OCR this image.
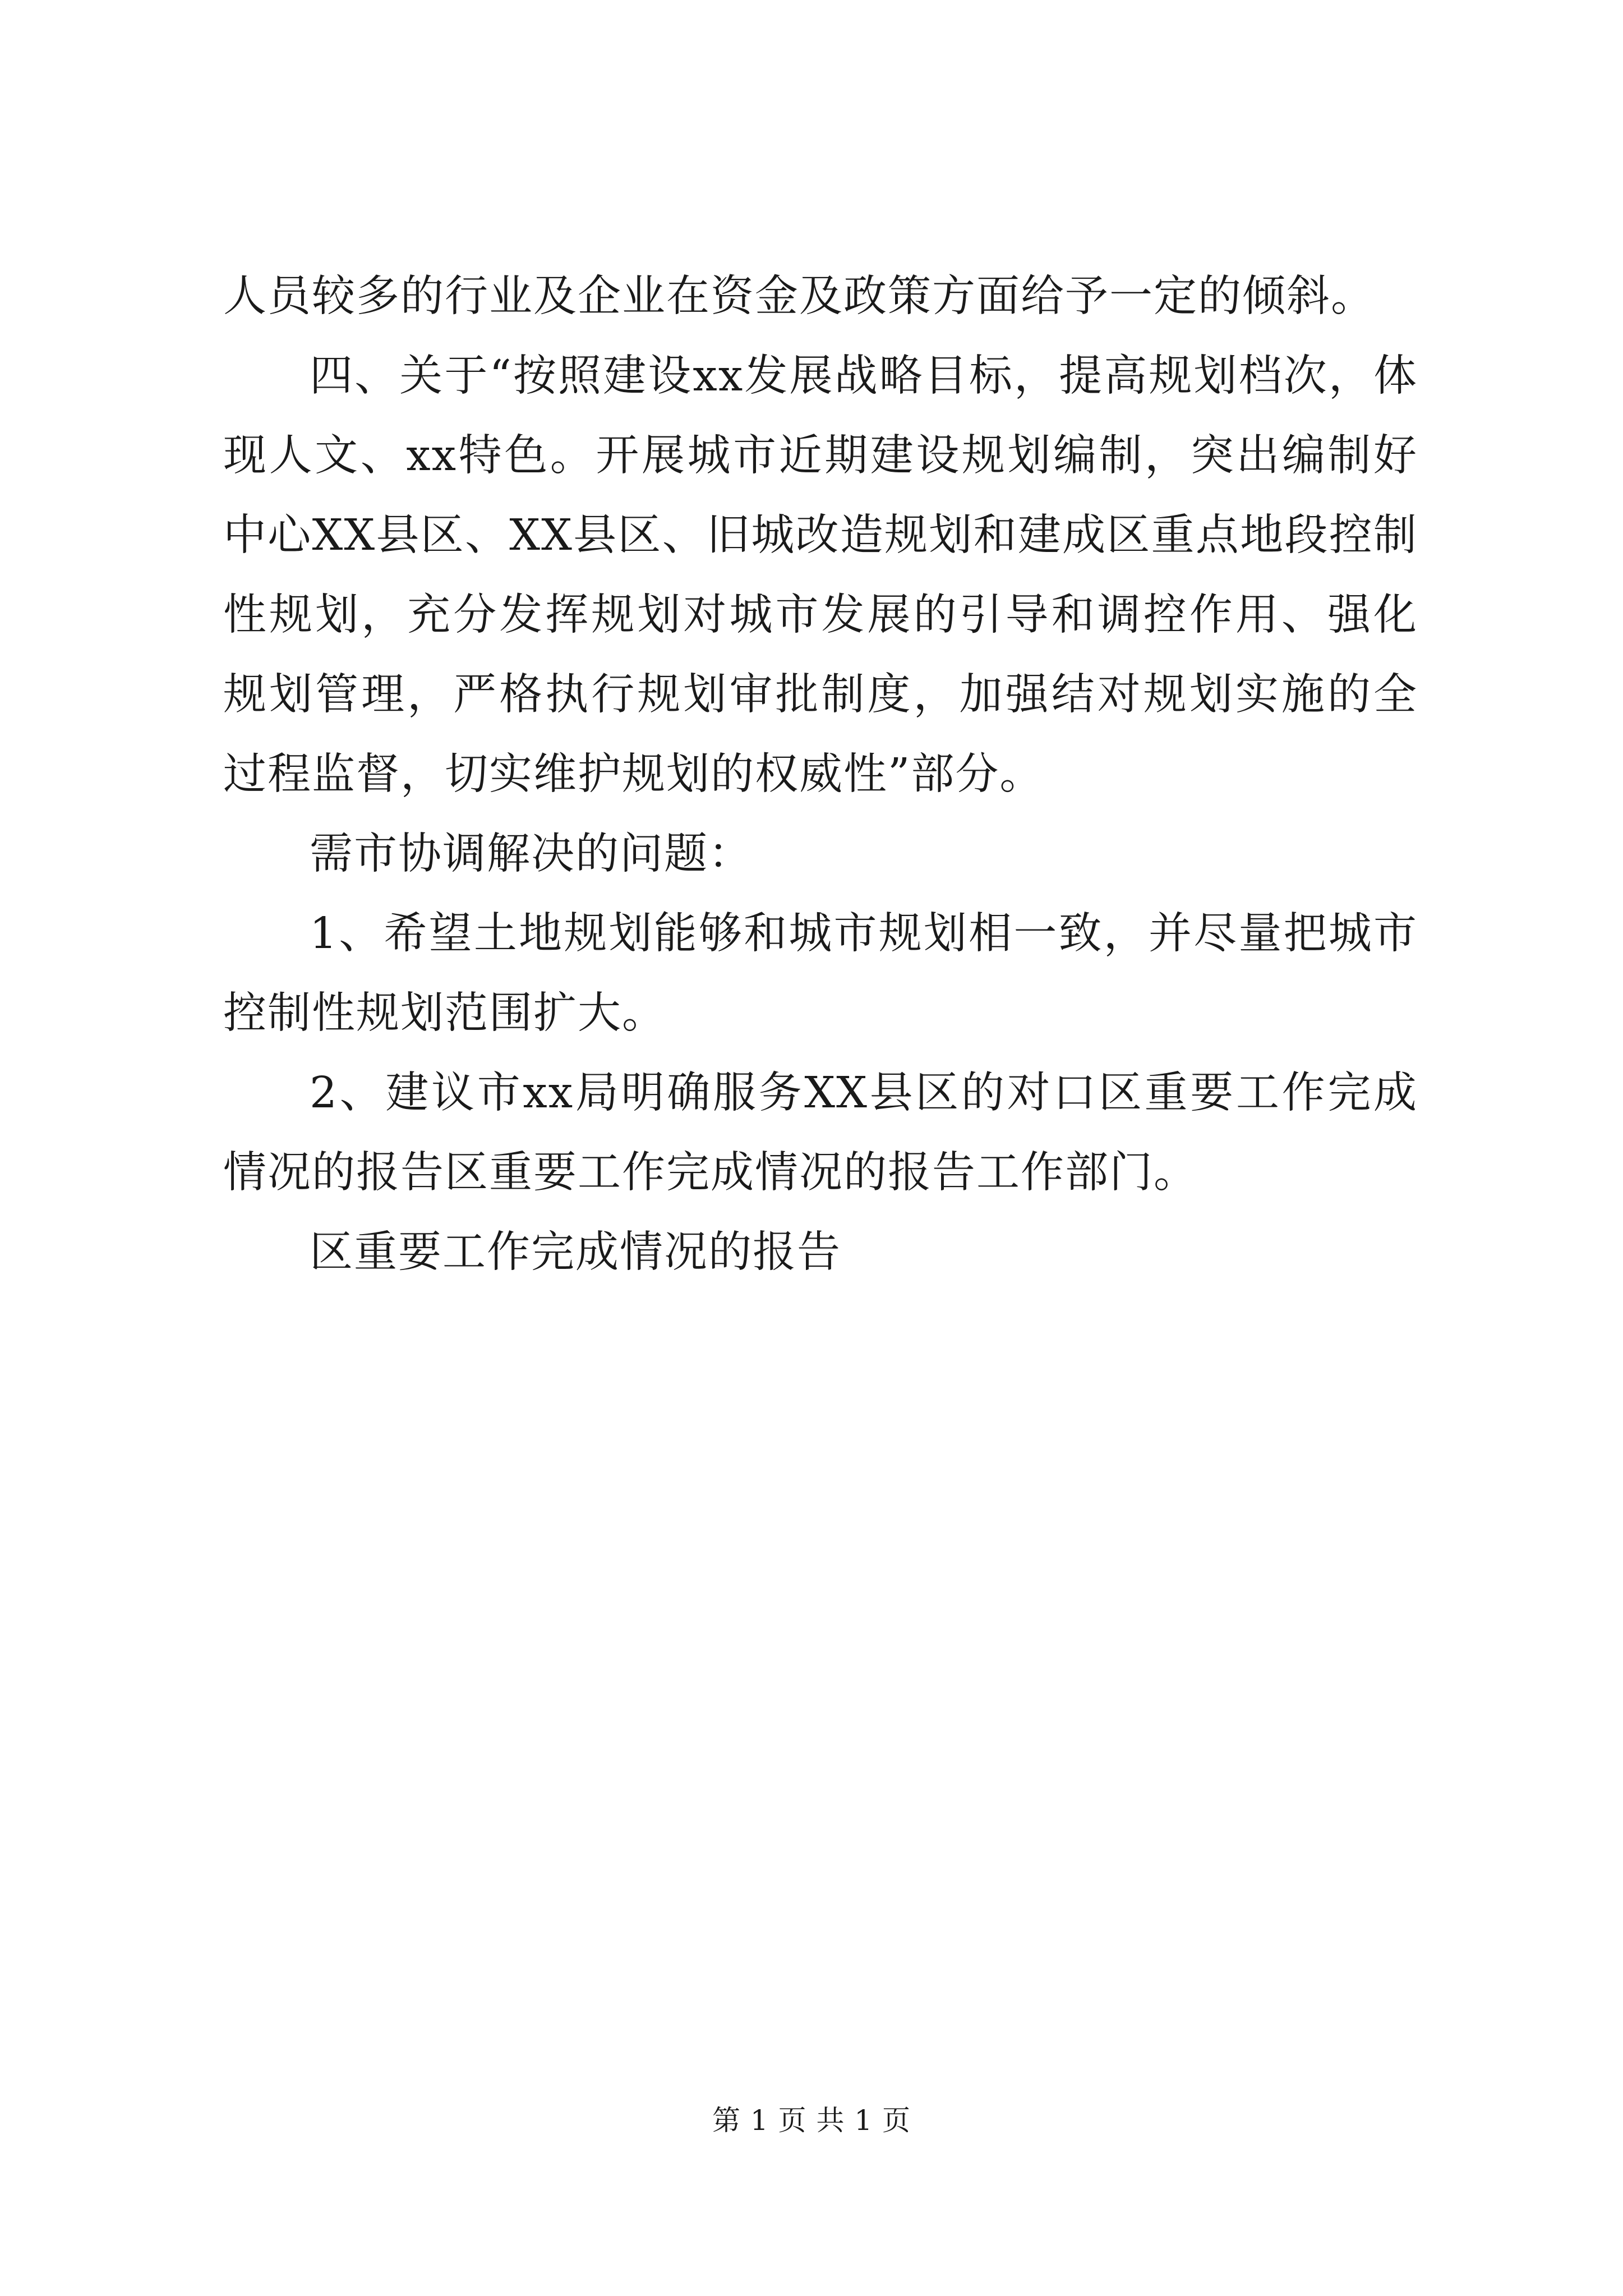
人员较多的行业及企业在资金及政策方面给予一定的倾斜。

四、关于“按照建设xx发展战略目标，提高规划档次，体现人文、xx特色。开展城市近期建设规划编制，突出编制好中心XX县区、XX县区、旧城改造规划和建成区重点地段控制性规划，充分发挥规划对城市发展的引导和调控作用、强化规划管理，严格执行规划审批制度，加强结对规划实施的全过程监督，切实维护规划的权威性”部分。

需市协调解决的问题：

1、希望土地规划能够和城市规划相一致，并尽量把城市控制性规划范围扩大。

2、建议市xx局明确服务XX县区的对口区重要工作完成情况的报告区重要工作完成情况的报告工作部门。

区重要工作完成情况的报告

第 1 页 共 1 页
